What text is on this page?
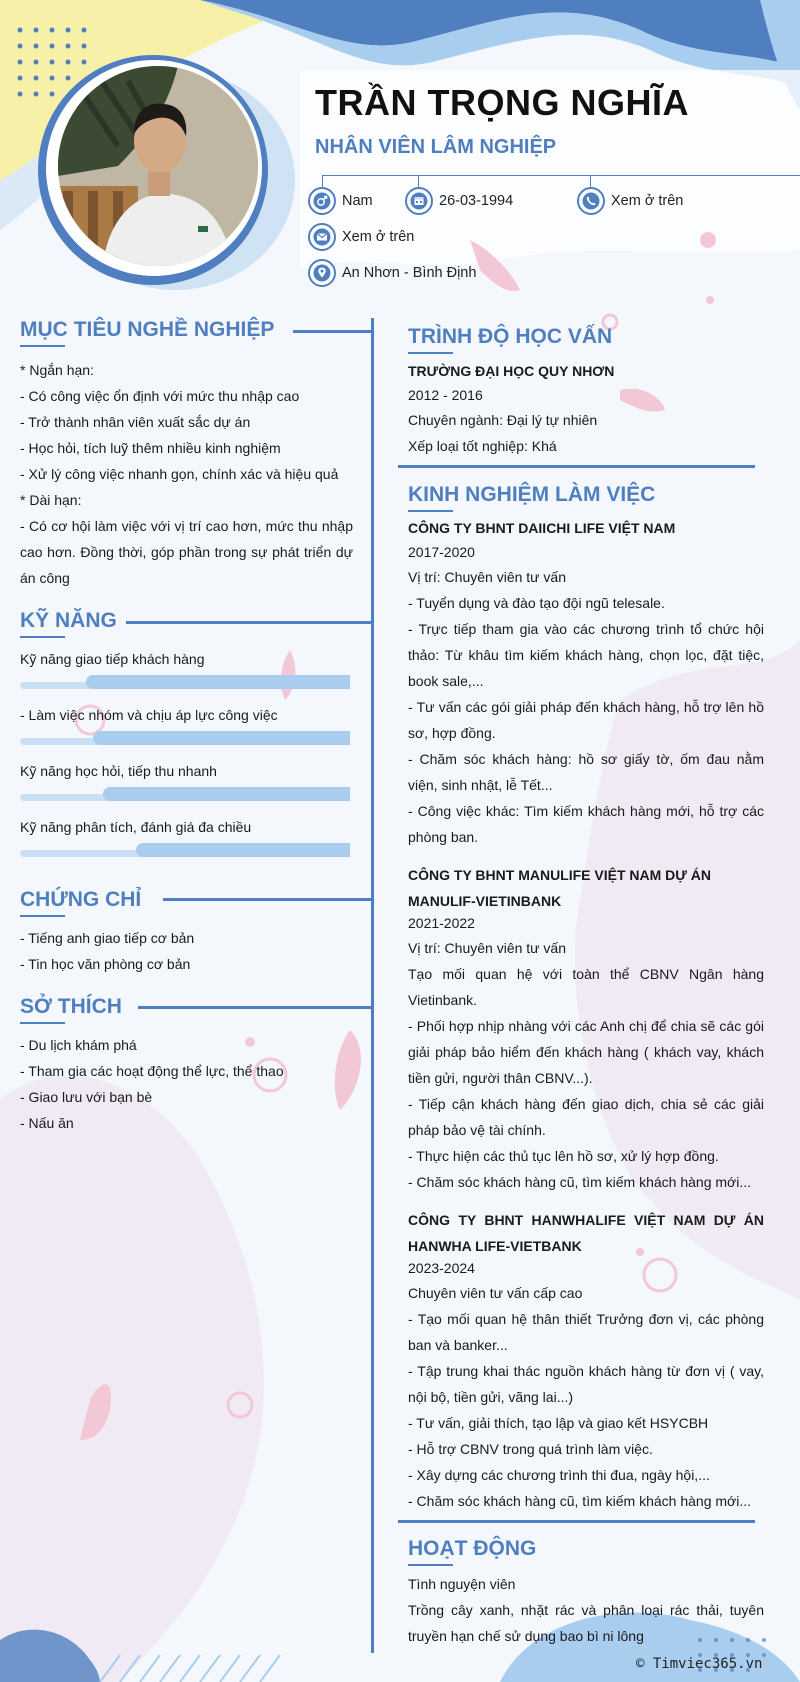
TRẦN TRỌNG NGHĨA
NHÂN VIÊN LÂM NGHIỆP
Nam	26-03-1994	Xem ở trên
Xem ở trên
An Nhơn - Bình Định
MỤC TIÊU NGHỀ NGHIỆP
* Ngắn hạn:
- Có công việc ổn định với mức thu nhập cao
- Trở thành nhân viên xuất sắc dự án
- Học hỏi, tích luỹ thêm nhiều kinh nghiệm
- Xử lý công việc nhanh gọn, chính xác và hiệu quả
* Dài hạn:
- Có cơ hội làm việc với vị trí cao hơn, mức thu nhập cao hơn. Đồng thời, góp phần trong sự phát triển dự án công
KỸ NĂNG
Kỹ năng giao tiếp khách hàng
- Làm việc nhóm và chịu áp lực công việc
Kỹ năng học hỏi, tiếp thu nhanh
Kỹ năng phân tích, đánh giá đa chiều
CHỨNG CHỈ
- Tiếng anh giao tiếp cơ bản
- Tin học văn phòng cơ bản
SỞ THÍCH
- Du lịch khám phá
- Tham gia các hoạt động thể lực, thể thao
- Giao lưu với bạn bè
- Nấu ăn
TRÌNH ĐỘ HỌC VẤN
TRƯỜNG ĐẠI HỌC QUY NHƠN
2012 - 2016
Chuyên ngành: Đại lý tự nhiên
Xếp loại tốt nghiệp: Khá
KINH NGHIỆM LÀM VIỆC
CÔNG TY BHNT DAIICHI LIFE VIỆT NAM
2017-2020
Vị trí: Chuyên viên tư vấn
- Tuyển dụng và đào tạo đội ngũ telesale.
- Trực tiếp tham gia vào các chương trình tổ chức hội thảo: Từ khâu tìm kiếm khách hàng, chọn lọc, đặt tiệc, book sale,...
- Tư vấn các gói giải pháp đến khách hàng, hỗ trợ lên hồ sơ, hợp đồng.
- Chăm sóc khách hàng: hồ sơ giấy tờ, ốm đau nằm viện, sinh nhật, lễ Tết...
- Công việc khác: Tìm kiếm khách hàng mới, hỗ trợ các phòng ban.
CÔNG TY BHNT MANULIFE VIỆT NAM DỰ ÁN MANULIF-VIETINBANK
2021-2022
Vị trí: Chuyên viên tư vấn
Tạo mối quan hệ với toàn thể CBNV Ngân hàng Vietinbank.
- Phối hợp nhịp nhàng với các Anh chị để chia sẽ các gói giải pháp bảo hiểm đến khách hàng ( khách vay, khách tiền gửi, người thân CBNV...).
- Tiếp cận khách hàng đến giao dịch, chia sẻ các giải pháp bảo vệ tài chính.
- Thực hiện các thủ tục lên hồ sơ, xử lý hợp đồng.
- Chăm sóc khách hàng cũ, tìm kiếm khách hàng mới...
CÔNG TY BHNT HANWHALIFE VIỆT NAM DỰ ÁN HANWHA LIFE-VIETBANK
2023-2024
Chuyên viên tư vấn cấp cao
- Tạo mối quan hệ thân thiết Trưởng đơn vị, các phòng ban và banker...
- Tập trung khai thác nguồn khách hàng từ đơn vị ( vay, nội bộ, tiền gửi, vãng lai...)
- Tư vấn, giải thích, tạo lập và giao kết HSYCBH
- Hỗ trợ CBNV trong quá trình làm việc.
- Xây dựng các chương trình thi đua, ngày hội,...
- Chăm sóc khách hàng cũ, tìm kiếm khách hàng mới...
HOẠT ĐỘNG
Tình nguyện viên
Trồng cây xanh, nhặt rác và phân loại rác thải, tuyên truyền hạn chế sử dụng bao bì ni lông
© Timviec365.vn
